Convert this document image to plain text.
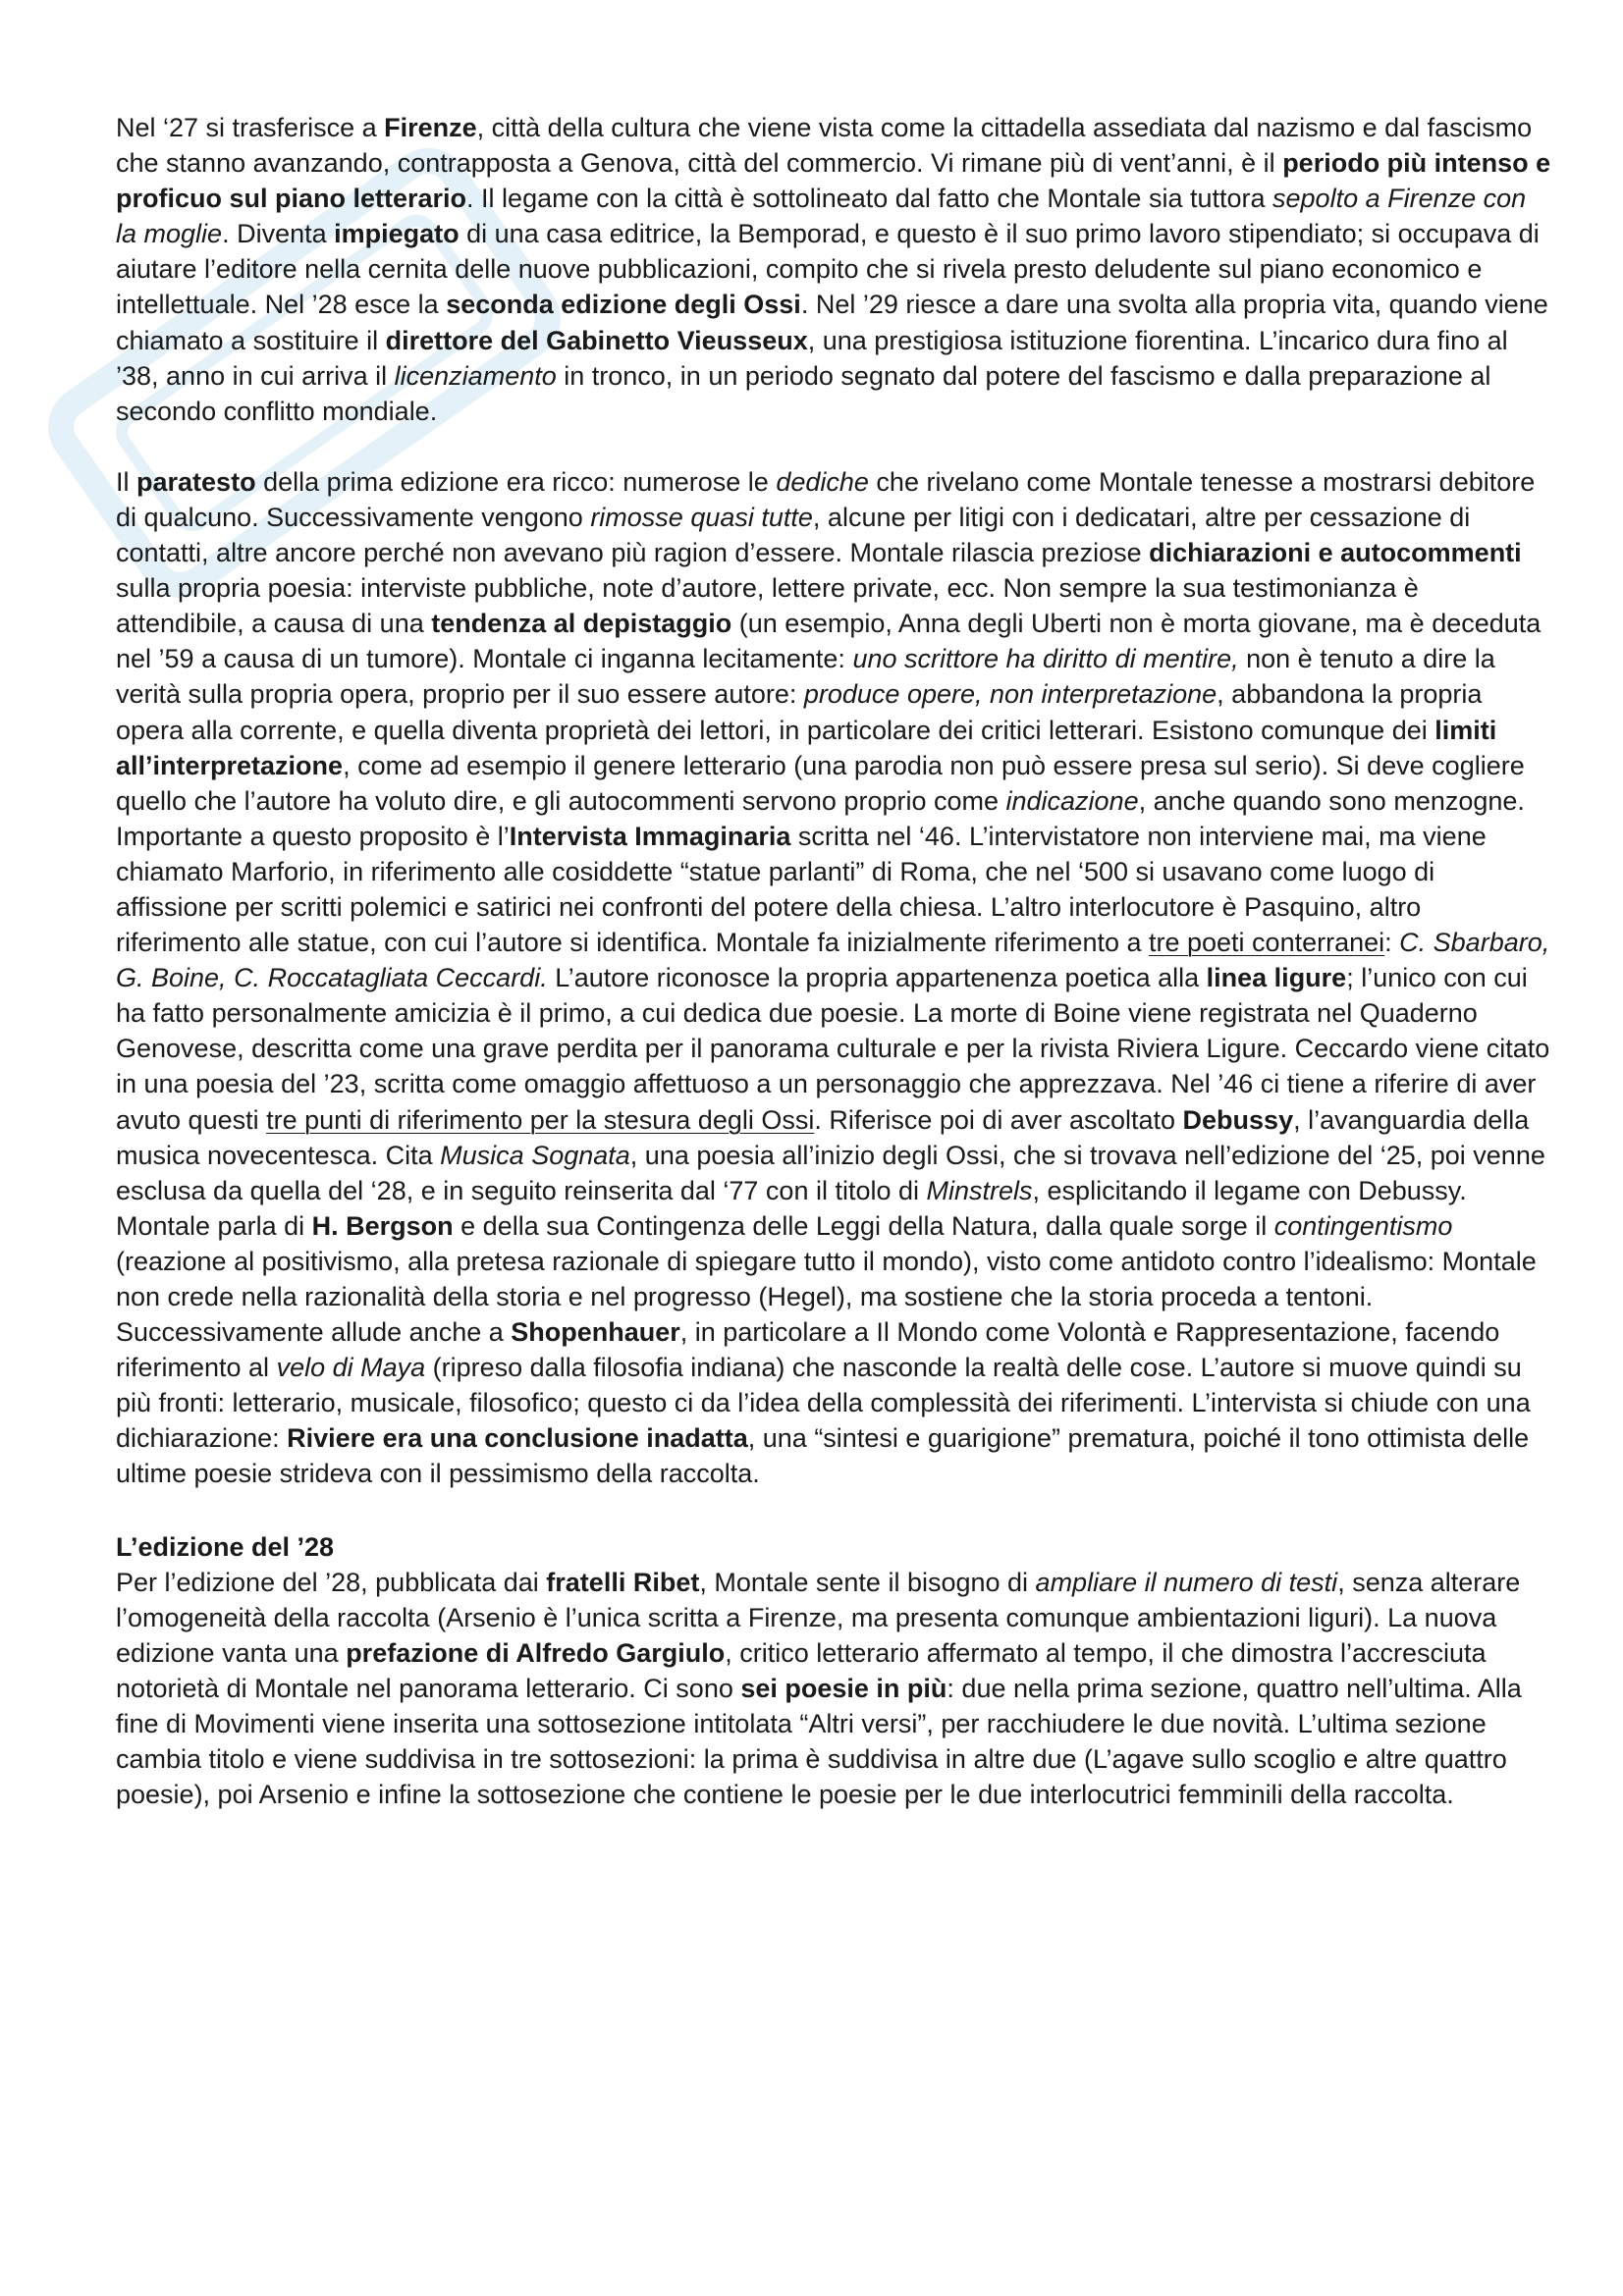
Nel ‘27 si trasferisce a Firenze, città della cultura che viene vista come la cittadella assediata dal nazismo e dal fascismo che stanno avanzando, contrapposta a Genova, città del commercio. Vi rimane più di vent’anni, è il periodo più intenso e proficuo sul piano letterario. Il legame con la città è sottolineato dal fatto che Montale sia tuttora sepolto a Firenze con la moglie. Diventa impiegato di una casa editrice, la Bemporad, e questo è il suo primo lavoro stipendiato; si occupava di aiutare l’editore nella cernita delle nuove pubblicazioni, compito che si rivela presto deludente sul piano economico e intellettuale. Nel ’28 esce la seconda edizione degli Ossi. Nel ’29 riesce a dare una svolta alla propria vita, quando viene chiamato a sostituire il direttore del Gabinetto Vieusseux, una prestigiosa istituzione fiorentina. L’incarico dura fino al ’38, anno in cui arriva il licenziamento in tronco, in un periodo segnato dal potere del fascismo e dalla preparazione al secondo conflitto mondiale.

Il paratesto della prima edizione era ricco: numerose le dediche che rivelano come Montale tenesse a mostrarsi debitore di qualcuno. Successivamente vengono rimosse quasi tutte, alcune per litigi con i dedicatari, altre per cessazione di contatti, altre ancore perché non avevano più ragion d’essere. Montale rilascia preziose dichiarazioni e autocommenti sulla propria poesia: interviste pubbliche, note d’autore, lettere private, ecc. Non sempre la sua testimonianza è attendibile, a causa di una tendenza al depistaggio (un esempio, Anna degli Uberti non è morta giovane, ma è deceduta nel ’59 a causa di un tumore). Montale ci inganna lecitamente: uno scrittore ha diritto di mentire, non è tenuto a dire la verità sulla propria opera, proprio per il suo essere autore: produce opere, non interpretazione, abbandona la propria opera alla corrente, e quella diventa proprietà dei lettori, in particolare dei critici letterari. Esistono comunque dei limiti all’interpretazione, come ad esempio il genere letterario (una parodia non può essere presa sul serio). Si deve cogliere quello che l’autore ha voluto dire, e gli autocommenti servono proprio come indicazione, anche quando sono menzogne. Importante a questo proposito è l’Intervista Immaginaria scritta nel ‘46. L’intervistatore non interviene mai, ma viene chiamato Marforio, in riferimento alle cosiddette “statue parlanti” di Roma, che nel ‘500 si usavano come luogo di affissione per scritti polemici e satirici nei confronti del potere della chiesa. L’altro interlocutore è Pasquino, altro riferimento alle statue, con cui l’autore si identifica. Montale fa inizialmente riferimento a tre poeti conterranei: C. Sbarbaro, G. Boine, C. Roccatagliata Ceccardi. L’autore riconosce la propria appartenenza poetica alla linea ligure; l’unico con cui ha fatto personalmente amicizia è il primo, a cui dedica due poesie. La morte di Boine viene registrata nel Quaderno Genovese, descritta come una grave perdita per il panorama culturale e per la rivista Riviera Ligure. Ceccardo viene citato in una poesia del ’23, scritta come omaggio affettuoso a un personaggio che apprezzava. Nel ’46 ci tiene a riferire di aver avuto questi tre punti di riferimento per la stesura degli Ossi. Riferisce poi di aver ascoltato Debussy, l’avanguardia della musica novecentesca. Cita Musica Sognata, una poesia all’inizio degli Ossi, che si trovava nell’edizione del ‘25, poi venne esclusa da quella del ‘28, e in seguito reinserita dal ‘77 con il titolo di Minstrels, esplicitando il legame con Debussy. Montale parla di H. Bergson e della sua Contingenza delle Leggi della Natura, dalla quale sorge il contingentismo (reazione al positivismo, alla pretesa razionale di spiegare tutto il mondo), visto come antidoto contro l’idealismo: Montale non crede nella razionalità della storia e nel progresso (Hegel), ma sostiene che la storia proceda a tentoni. Successivamente allude anche a Shopenhauer, in particolare a Il Mondo come Volontà e Rappresentazione, facendo riferimento al velo di Maya (ripreso dalla filosofia indiana) che nasconde la realtà delle cose. L’autore si muove quindi su più fronti: letterario, musicale, filosofico; questo ci da l’idea della complessità dei riferimenti. L’intervista si chiude con una dichiarazione: Riviere era una conclusione inadatta, una “sintesi e guarigione” prematura, poiché il tono ottimista delle ultime poesie strideva con il pessimismo della raccolta.

L’edizione del ’28

Per l’edizione del ’28, pubblicata dai fratelli Ribet, Montale sente il bisogno di ampliare il numero di testi, senza alterare l’omogeneità della raccolta (Arsenio è l’unica scritta a Firenze, ma presenta comunque ambientazioni liguri). La nuova edizione vanta una prefazione di Alfredo Gargiulo, critico letterario affermato al tempo, il che dimostra l’accresciuta notorietà di Montale nel panorama letterario. Ci sono sei poesie in più: due nella prima sezione, quattro nell’ultima. Alla fine di Movimenti viene inserita una sottosezione intitolata “Altri versi”, per racchiudere le due novità. L’ultima sezione cambia titolo e viene suddivisa in tre sottosezioni: la prima è suddivisa in altre due (L’agave sullo scoglio e altre quattro poesie), poi Arsenio e infine la sottosezione che contiene le poesie per le due interlocutrici femminili della raccolta.
